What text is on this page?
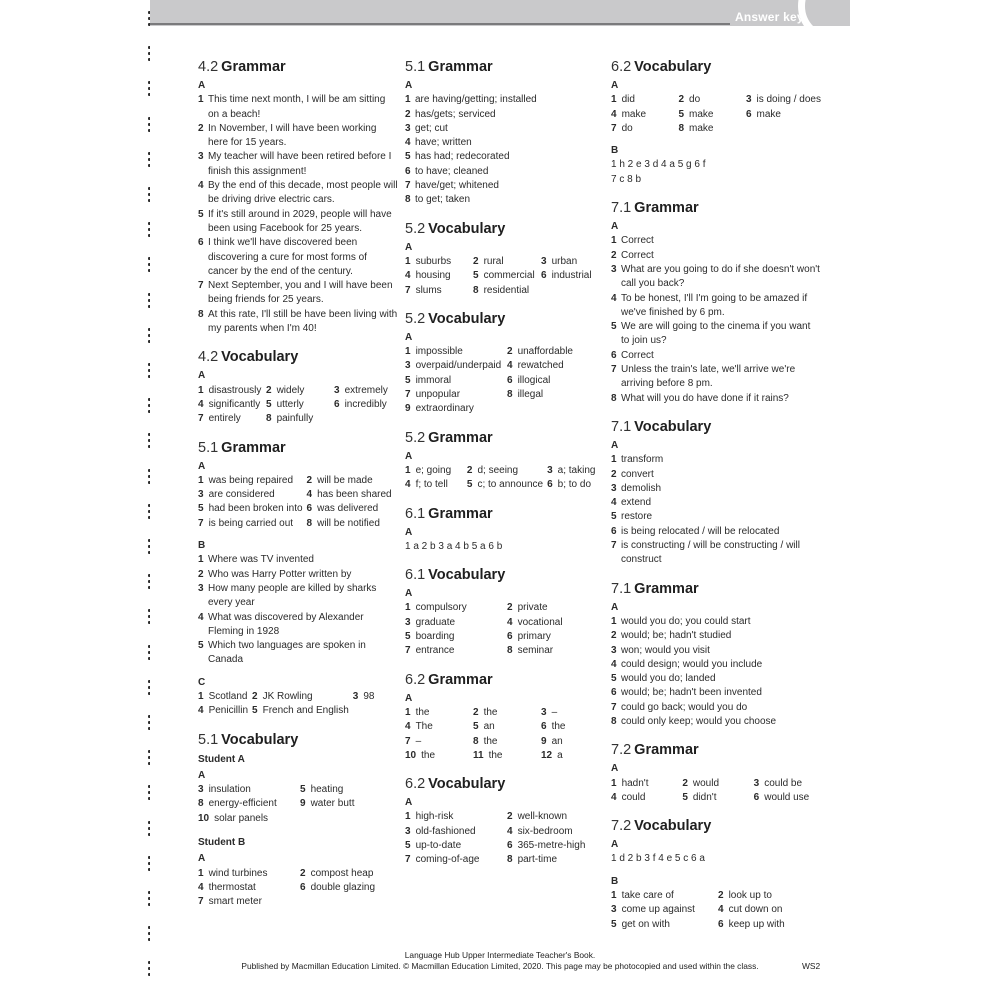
Answer key
4.2 Grammar
A
1 This time next month, I will be am sitting on a beach!
2 In November, I will have been working here for 15 years.
3 My teacher will have been retired before I finish this assignment!
4 By the end of this decade, most people will be driving drive electric cars.
5 If it's still around in 2029, people will have been using Facebook for 25 years.
6 I think we'll have discovered been discovering a cure for most forms of cancer by the end of the century.
7 Next September, you and I will have been being friends for 25 years.
8 At this rate, I'll still be have been living with my parents when I'm 40!
4.2 Vocabulary
A
1 disastrously 2 widely	3 extremely
4 significantly 5 utterly	6 incredibly
7 entirely	8 painfully
5.1 Grammar
A
1 was being repaired 2 will be made
3 are considered	4 has been shared
5 had been broken into 6 was delivered
7 is being carried out 8 will be notified
B
1 Where was TV invented
2 Who was Harry Potter written by
3 How many people are killed by sharks every year
4 What was discovered by Alexander Fleming in 1928
5 Which two languages are spoken in Canada
C
1 Scotland 2 JK Rowling	3 98
4 Penicillin 5 French and English
5.1 Vocabulary
Student A
A
3 insulation	5 heating
8 energy-efficient 9 water butt
10 solar panels
Student B
A
1 wind turbines	2 compost heap
4 thermostat	6 double glazing
7 smart meter
5.1 Grammar
A
1 are having/getting; installed
2 has/gets; serviced
3 get; cut
4 have; written
5 has had; redecorated
6 to have; cleaned
7 have/get; whitened
8 to get; taken
5.2 Vocabulary
A
1 suburbs 2 rural	3 urban
4 housing 5 commercial 6 industrial
7 slums	8 residential
5.2 Vocabulary
A
1 impossible	2 unaffordable
3 overpaid/underpaid 4 rewatched
5 immoral	6 illogical
7 unpopular	8 illegal
9 extraordinary
5.2 Grammar
A
1 e; going 2 d; seeing	3 a; taking
4 f; to tell 5 c; to announce 6 b; to do
6.1 Grammar
A
1 a 2 b 3 a 4 b 5 a 6 b
6.1 Vocabulary
A
1 compulsory	2 private
3 graduate	4 vocational
5 boarding	6 primary
7 entrance	8 seminar
6.2 Grammar
A
1 the	2 the	3 –
4 The	5 an	6 the
7 –	8 the	9 an
10 the	11 the	12 a
6.2 Vocabulary
A
1 high-risk	2 well-known
3 old-fashioned	4 six-bedroom
5 up-to-date	6 365-metre-high
7 coming-of-age	8 part-time
6.2 Vocabulary
A
1 did	2 do	3 is doing / does
4 make	5 make	6 make
7 do	8 make
B
1 h 2 e 3 d 4 a 5 g 6 f
7 c 8 b
7.1 Grammar
A
1 Correct
2 Correct
3 What are you going to do if she doesn't won't call you back?
4 To be honest, I'll I'm going to be amazed if we've finished by 6 pm.
5 We are will going to the cinema if you want to join us?
6 Correct
7 Unless the train's late, we'll arrive we're arriving before 8 pm.
8 What will you do have done if it rains?
7.1 Vocabulary
A
1 transform
2 convert
3 demolish
4 extend
5 restore
6 is being relocated / will be relocated
7 is constructing / will be constructing / will construct
7.1 Grammar
A
1 would you do; you could start
2 would; be; hadn't studied
3 won; would you visit
4 could design; would you include
5 would you do; landed
6 would; be; hadn't been invented
7 could go back; would you do
8 could only keep; would you choose
7.2 Grammar
A
1 hadn't	2 would	3 could be
4 could	5 didn't	6 would use
7.2 Vocabulary
A
1 d 2 b 3 f 4 e 5 c 6 a
B
1 take care of	2 look up to
3 come up against 4 cut down on
5 get on with	6 keep up with
Language Hub Upper Intermediate Teacher's Book.
Published by Macmillan Education Limited. © Macmillan Education Limited, 2020. This page may be photocopied and used within the class.	WS2
